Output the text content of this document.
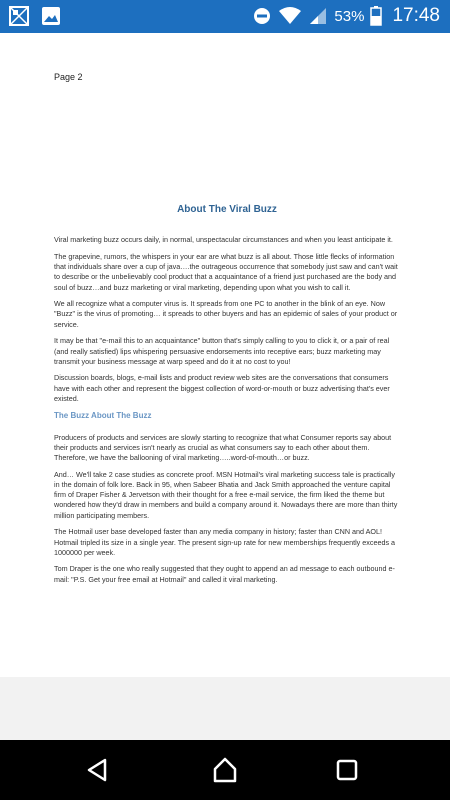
53% 17:48
Page 2
About The Viral Buzz

Viral marketing buzz occurs daily, in normal, unspectacular circumstances and when you least anticipate it.

The grapevine, rumors, the whispers in your ear are what buzz is all about. Those little flecks of information that individuals share over a cup of java….the outrageous occurrence that somebody just saw and can't wait to describe or the unbelievably cool product that a acquaintance of a friend just purchased are the body and soul of buzz…and buzz marketing or viral marketing, depending upon what you wish to call it.

We all recognize what a computer virus is. It spreads from one PC to another in the blink of an eye. Now "Buzz" is the virus of promoting… it spreads to other buyers and has an epidemic of sales of your product or service.

It may be that "e-mail this to an acquaintance" button that's simply calling to you to click it, or a pair of real (and really satisfied) lips whispering persuasive endorsements into receptive ears; buzz marketing may transmit your business message at warp speed and do it at no cost to you!

Discussion boards, blogs, e-mail lists and product review web sites are the conversations that consumers have with each other and represent the biggest collection of word-or-mouth or buzz advertising that's ever existed.

The Buzz About The Buzz

Producers of products and services are slowly starting to recognize that what Consumer reports say about their products and services isn't nearly as crucial as what consumers say to each other about them. Therefore, we have the ballooning of viral marketing…..word-of-mouth…or buzz.

And… We'll take 2 case studies as concrete proof. MSN Hotmail's viral marketing success tale is practically in the domain of folk lore. Back in 95, when Sabeer Bhatia and Jack Smith approached the venture capital firm of Draper Fisher & Jervetson with their thought for a free e-mail service, the firm liked the theme but wondered how they'd draw in members and build a company around it. Nowadays there are more than thirty million participating members.

The Hotmail user base developed faster than any media company in history; faster than CNN and AOL! Hotmail tripled its size in a single year. The present sign-up rate for new memberships frequently exceeds a 1000000 per week.

Tom Draper is the one who really suggested that they ought to append an ad message to each outbound e-mail: "P.S. Get your free email at Hotmail" and called it viral marketing.
